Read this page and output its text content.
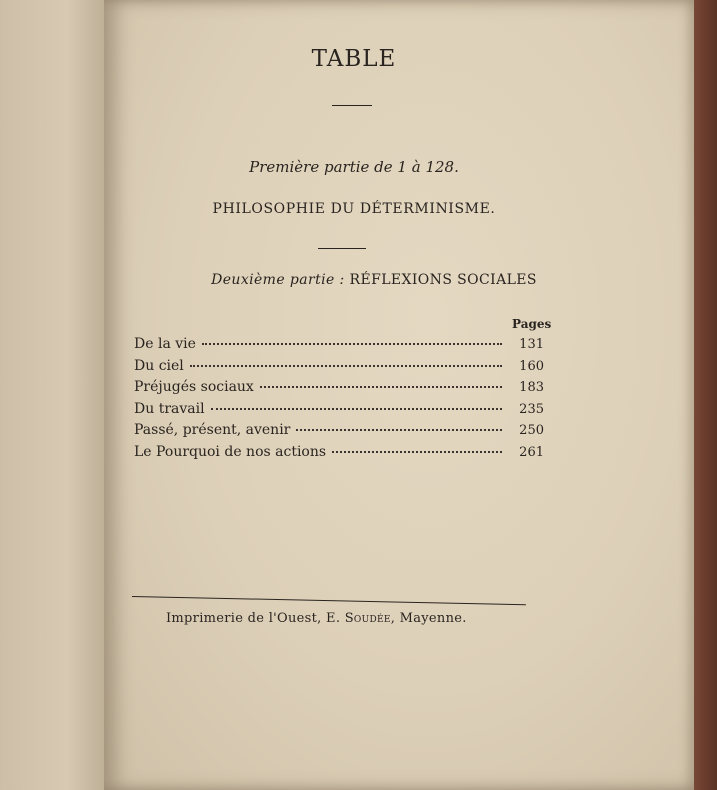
TABLE
Première partie de 1 à 128.
PHILOSOPHIE DU DÉTERMINISME.
Deuxième partie : RÉFLEXIONS SOCIALES
Pages
De la vie	131
Du ciel	160
Préjugés sociaux	183
Du travail	235
Passé, présent, avenir	250
Le Pourquoi de nos actions	261
Imprimerie de l'Ouest, E. Soudée, Mayenne.
